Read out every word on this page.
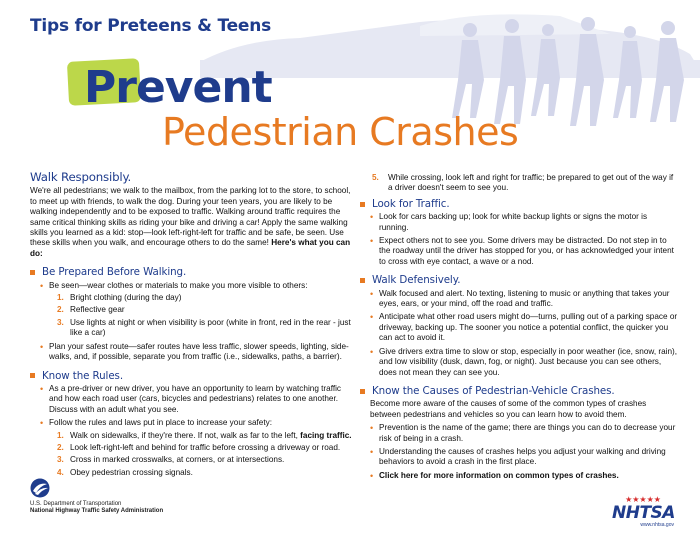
Tips for Preteens & Teens
Prevent
Pedestrian Crashes
Walk Responsibly.

We're all pedestrians; we walk to the mailbox, from the parking lot to the store, to school, to meet up with friends, to walk the dog. During your teen years, you are likely to be walking independently and to be exposed to traffic. Walking around traffic requires the same critical thinking skills as riding your bike and driving a car! Apply the same walking skills you learned as a kid: stop—look left-right-left for traffic and be safe, be seen. Use these skills when you walk, and encourage others to do the same! Here's what you can do:

Be Prepared Before Walking.
• Be seen—wear clothes or materials to make you more visible to others:
1. Bright clothing (during the day)
2. Reflective gear
3. Use lights at night or when visibility is poor (white in front, red in the rear - just like a car)
• Plan your safest route—safer routes have less traffic, slower speeds, lighting, side-walks, and, if possible, separate you from traffic (i.e., sidewalks, paths, a barrier).
Know the Rules.
• As a pre-driver or new driver, you have an opportunity to learn by watching traffic and how each road user (cars, bicycles and pedestrians) relates to one another. Discuss with an adult what you see.
• Follow the rules and laws put in place to increase your safety:
1. Walk on sidewalks, if they're there. If not, walk as far to the left, facing traffic.
2. Look left-right-left and behind for traffic before crossing a driveway or road.
3. Cross in marked crosswalks, at corners, or at intersections.
4. Obey pedestrian crossing signals.
5. While crossing, look left and right for traffic; be prepared to get out of the way if a driver doesn't seem to see you.
Look for Traffic.
• Look for cars backing up; look for white backup lights or signs the motor is running.
• Expect others not to see you. Some drivers may be distracted. Do not step in to the roadway until the driver has stopped for you, or has acknowledged your intent to cross with eye contact, a wave or a nod.
Walk Defensively.
• Walk focused and alert. No texting, listening to music or anything that takes your eyes, ears, or your mind, off the road and traffic.
• Anticipate what other road users might do—turns, pulling out of a parking space or driveway, backing up. The sooner you notice a potential conflict, the quicker you can act to avoid it.
• Give drivers extra time to slow or stop, especially in poor weather (ice, snow, rain), and low visibility (dusk, dawn, fog, or night). Just because you can see others, does not mean they can see you.
Know the Causes of Pedestrian-Vehicle Crashes.

Become more aware of the causes of some of the common types of crashes between pedestrians and vehicles so you can learn how to avoid them.

• Prevention is the name of the game; there are things you can do to decrease your risk of being in a crash.
• Understanding the causes of crashes helps you adjust your walking and driving behaviors to avoid a crash in the first place.
• Click here for more information on common types of crashes.
U.S. Department of Transportation
National Highway Traffic Safety Administration
★★★★★
NHTSA
www.nhtsa.gov
